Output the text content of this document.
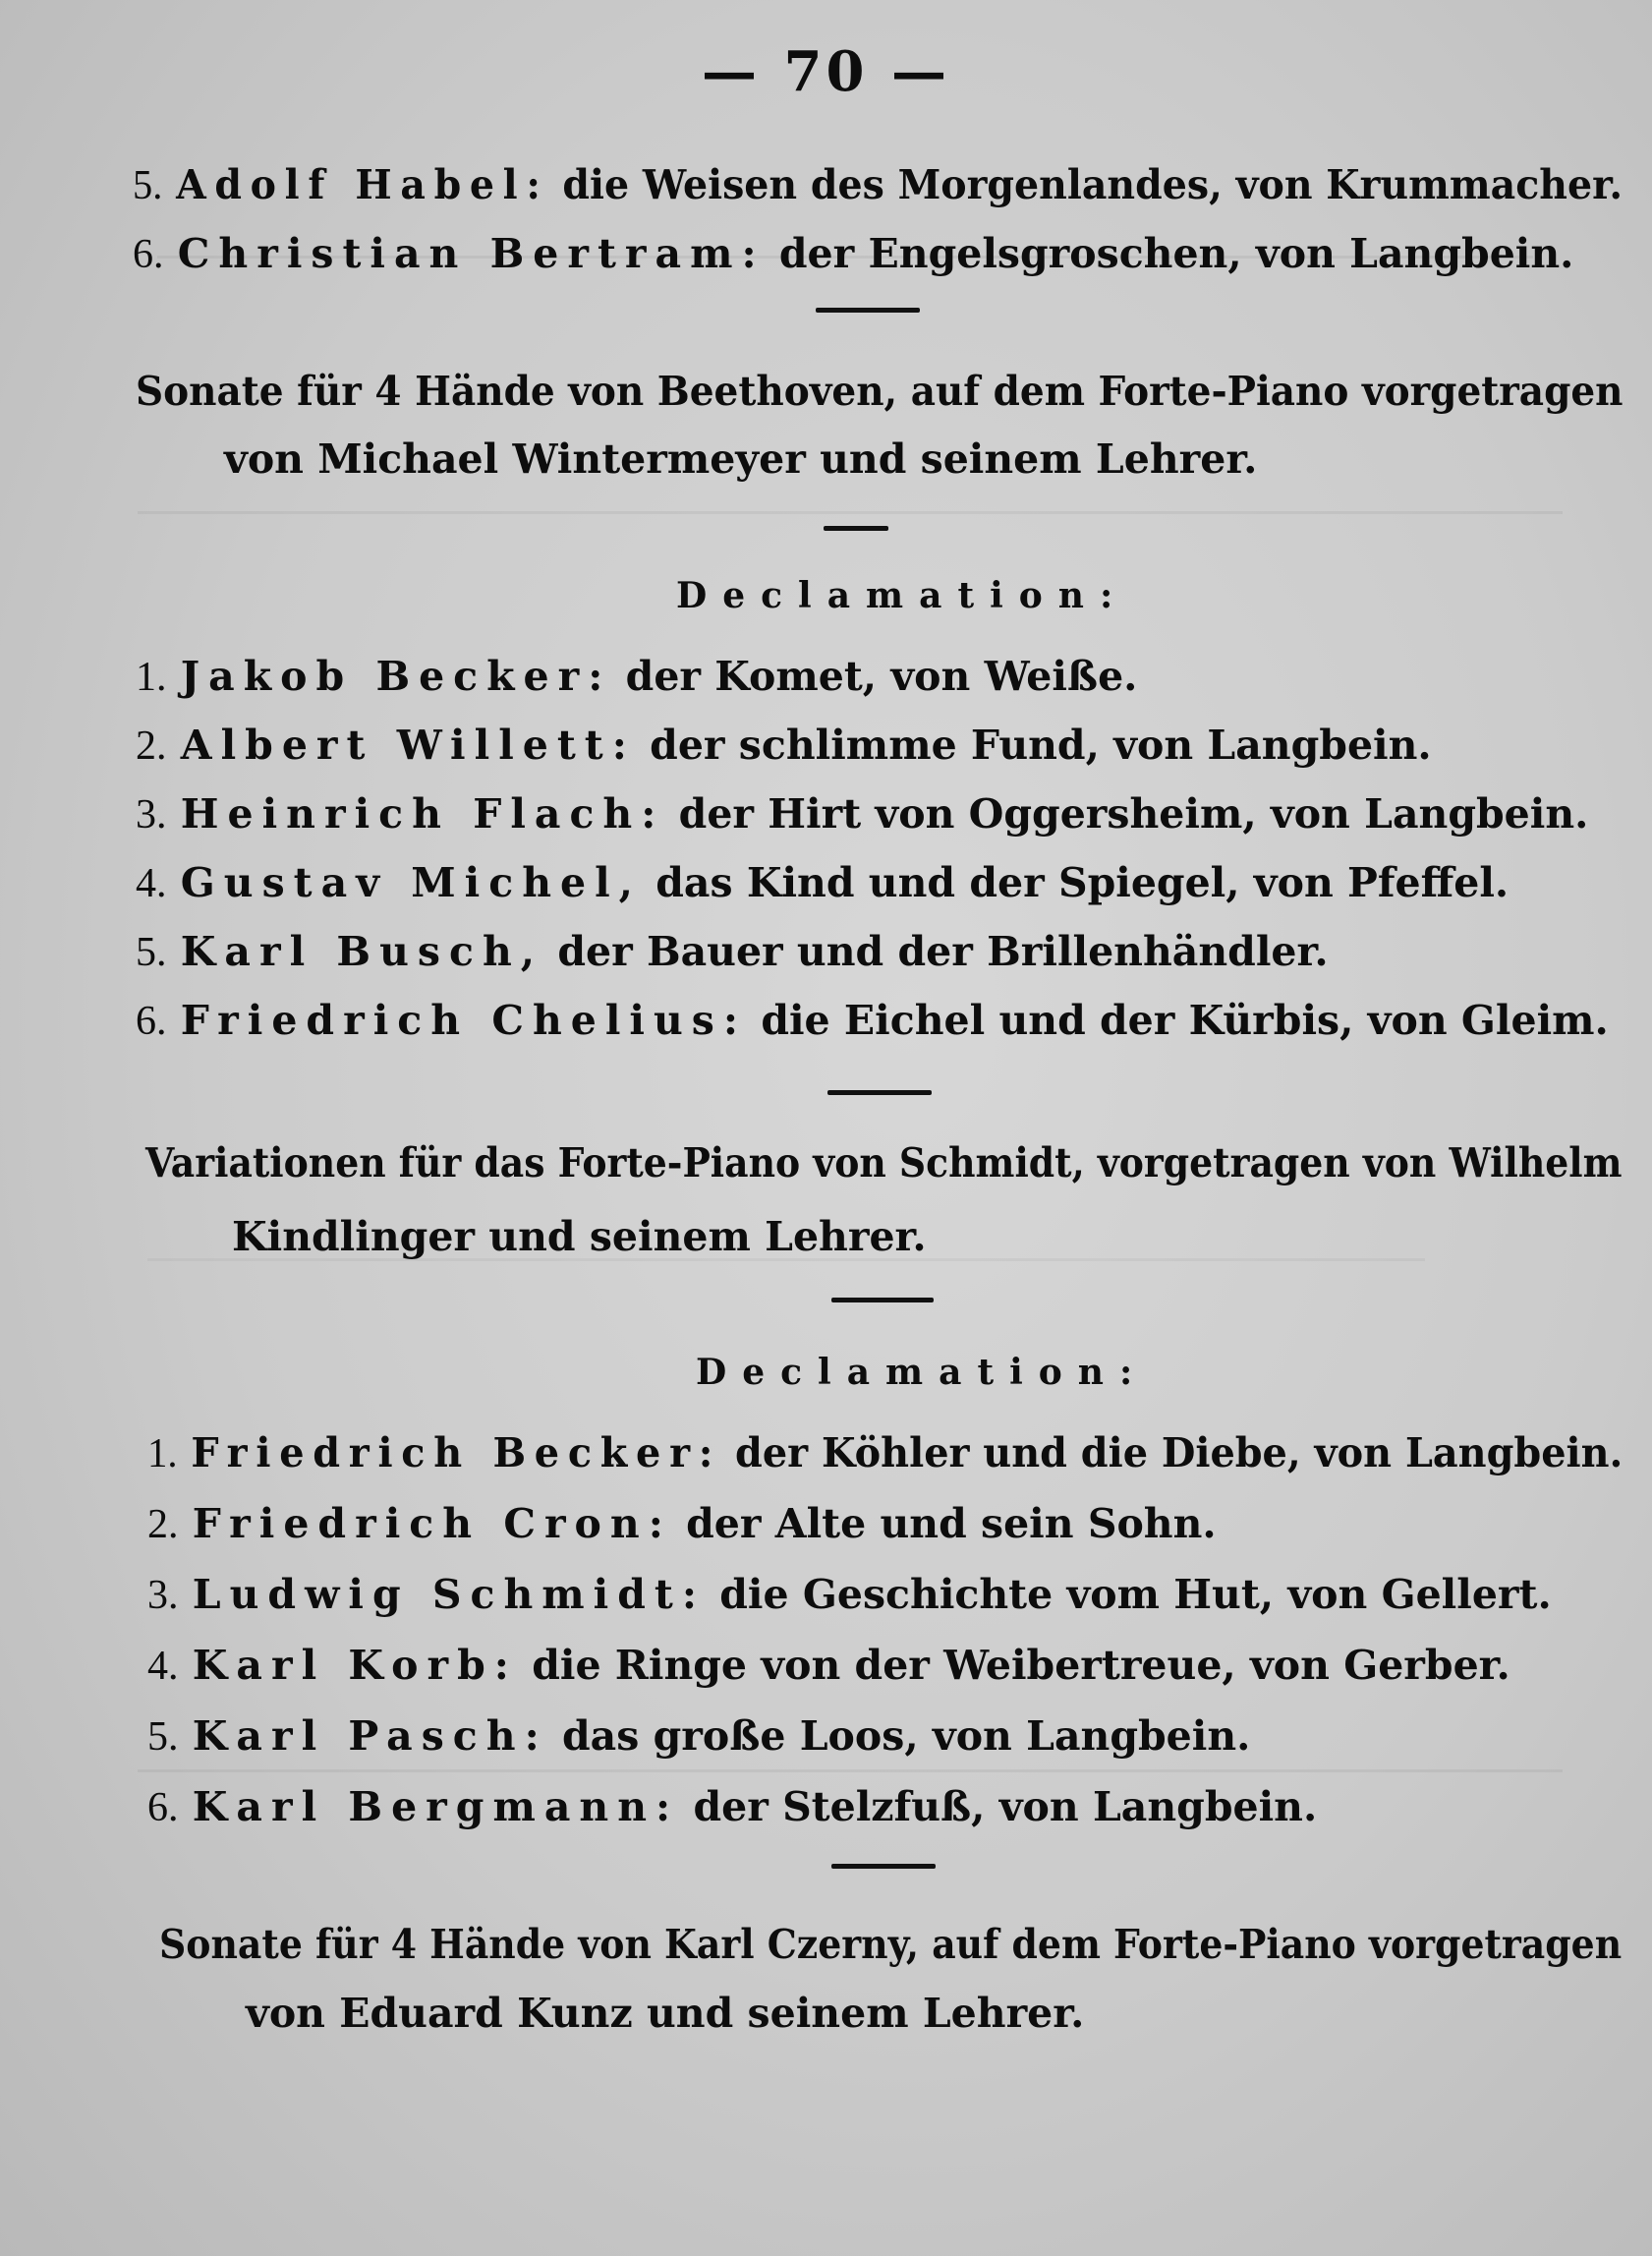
— 70 —
5. Adolf Habel: die Weisen des Morgenlandes, von Krummacher.
6. Christian Bertram: der Engelsgroschen, von Langbein.
Sonate für 4 Hände von Beethoven, auf dem Forte-Piano vorgetragen
von Michael Wintermeyer und seinem Lehrer.
Declamation:
1. Jakob Becker: der Komet, von Weiße.
2. Albert Willett: der schlimme Fund, von Langbein.
3. Heinrich Flach: der Hirt von Oggersheim, von Langbein.
4. Gustav Michel, das Kind und der Spiegel, von Pfeffel.
5. Karl Busch, der Bauer und der Brillenhändler.
6. Friedrich Chelius: die Eichel und der Kürbis, von Gleim.
Variationen für das Forte-Piano von Schmidt, vorgetragen von Wilhelm
Kindlinger und seinem Lehrer.
Declamation:
1. Friedrich Becker: der Köhler und die Diebe, von Langbein.
2. Friedrich Cron: der Alte und sein Sohn.
3. Ludwig Schmidt: die Geschichte vom Hut, von Gellert.
4. Karl Korb: die Ringe von der Weibertreue, von Gerber.
5. Karl Pasch: das große Loos, von Langbein.
6. Karl Bergmann: der Stelzfuß, von Langbein.
Sonate für 4 Hände von Karl Czerny, auf dem Forte-Piano vorgetragen
von Eduard Kunz und seinem Lehrer.
